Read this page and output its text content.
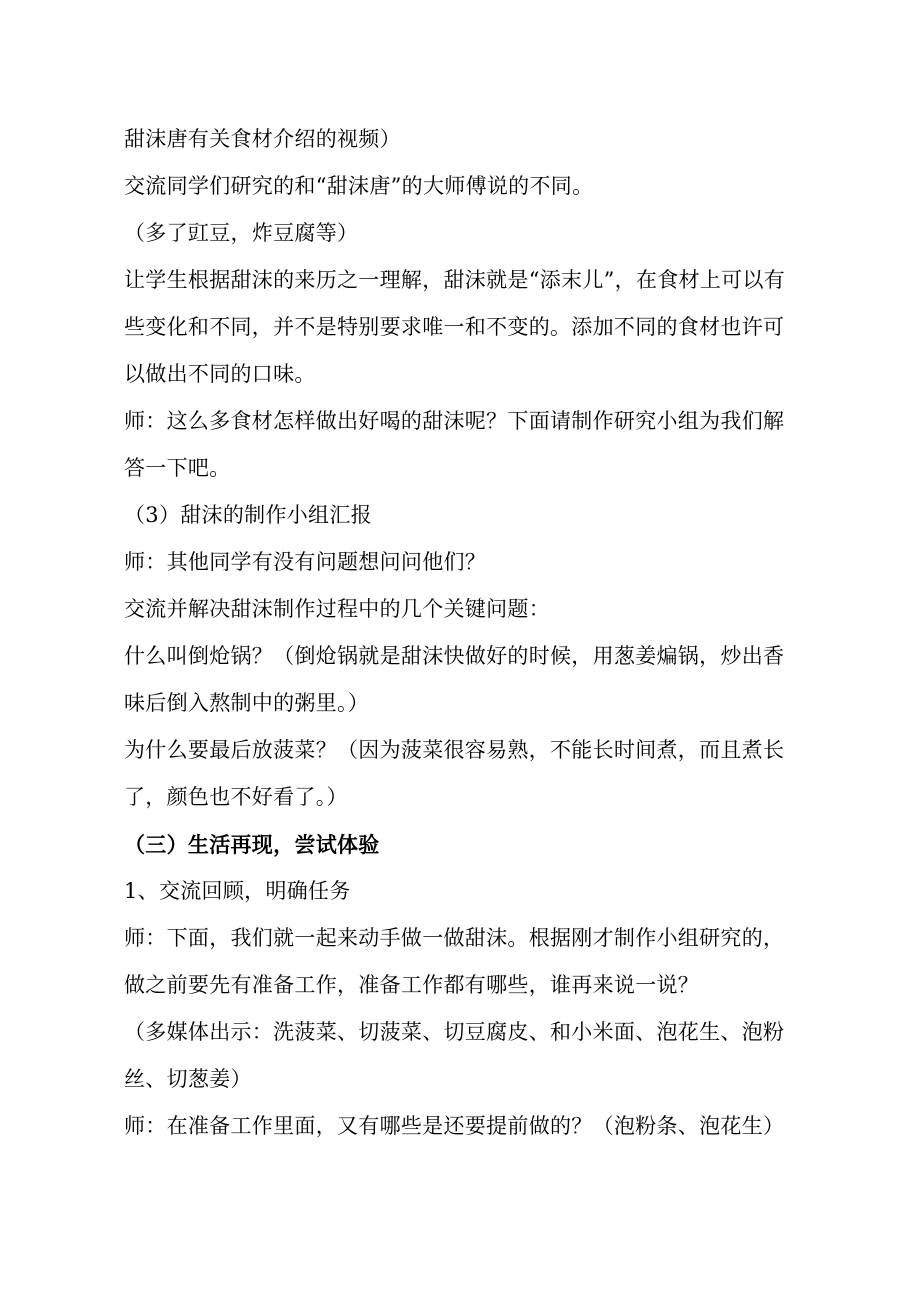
甜沫唐有关食材介绍的视频）
交流同学们研究的和“甜沫唐”的大师傅说的不同。
（多了豇豆，炸豆腐等）
让学生根据甜沫的来历之一理解，甜沫就是“添末儿”，在食材上可以有
些变化和不同，并不是特别要求唯一和不变的。添加不同的食材也许可
以做出不同的口味。
师：这么多食材怎样做出好喝的甜沫呢？下面请制作研究小组为我们解
答一下吧。
（3）甜沫的制作小组汇报
师：其他同学有没有问题想问问他们？
交流并解决甜沫制作过程中的几个关键问题：
什么叫倒炝锅？（倒炝锅就是甜沫快做好的时候，用葱姜煸锅，炒出香
味后倒入熬制中的粥里。）
为什么要最后放菠菜？（因为菠菜很容易熟，不能长时间煮，而且煮长
了，颜色也不好看了。）
（三）生活再现，尝试体验
1、交流回顾，明确任务
师：下面，我们就一起来动手做一做甜沫。根据刚才制作小组研究的，
做之前要先有准备工作，准备工作都有哪些，谁再来说一说？
（多媒体出示：洗菠菜、切菠菜、切豆腐皮、和小米面、泡花生、泡粉
丝、切葱姜）
师：在准备工作里面，又有哪些是还要提前做的？（泡粉条、泡花生）
